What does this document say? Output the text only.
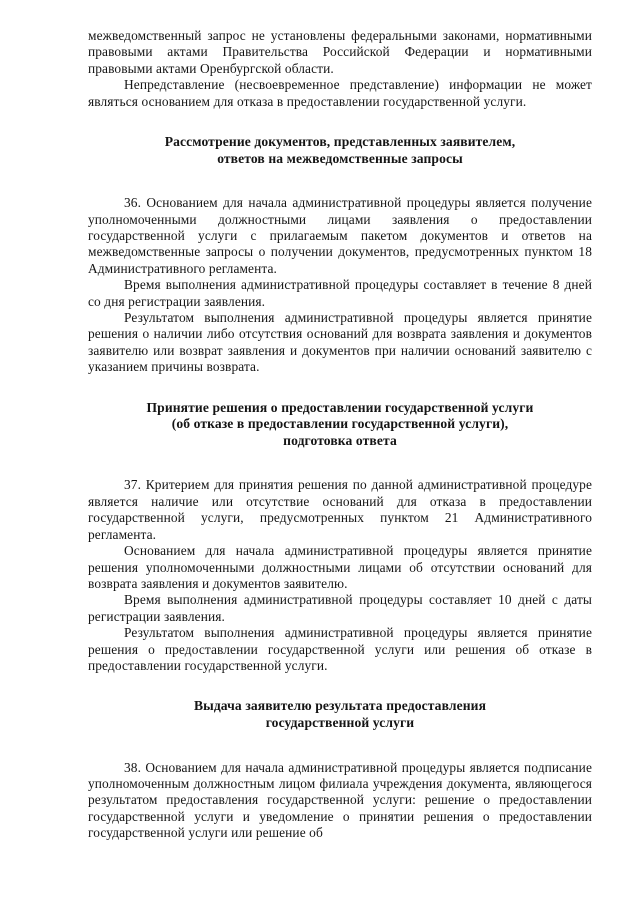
межведомственный запрос не установлены федеральными законами, нормативными правовыми актами Правительства Российской Федерации и нормативными правовыми актами Оренбургской области.

Непредставление (несвоевременное представление) информации не может являться основанием для отказа в предоставлении государственной услуги.

Рассмотрение документов, представленных заявителем,
ответов на межведомственные запросы

36. Основанием для начала административной процедуры является получение уполномоченными должностными лицами заявления о предоставлении государственной услуги с прилагаемым пакетом документов и ответов на межведомственные запросы о получении документов, предусмотренных пунктом 18 Административного регламента.

Время выполнения административной процедуры составляет в течение 8 дней со дня регистрации заявления.

Результатом выполнения административной процедуры является принятие решения о наличии либо отсутствия оснований для возврата заявления и документов заявителю или возврат заявления и документов при наличии оснований заявителю с указанием причины возврата.

Принятие решения о предоставлении государственной услуги
(об отказе в предоставлении государственной услуги),
подготовка ответа

37. Критерием для принятия решения по данной административной процедуре является наличие или отсутствие оснований для отказа в предоставлении государственной услуги, предусмотренных пунктом 21 Административного регламента.

Основанием для начала административной процедуры является принятие решения уполномоченными должностными лицами об отсутствии оснований для возврата заявления и документов заявителю.

Время выполнения административной процедуры составляет 10 дней с даты регистрации заявления.

Результатом выполнения административной процедуры является принятие решения о предоставлении государственной услуги или решения об отказе в предоставлении государственной услуги.

Выдача заявителю результата предоставления
государственной услуги

38. Основанием для начала административной процедуры является подписание уполномоченным должностным лицом филиала учреждения документа, являющегося результатом предоставления государственной услуги: решение о предоставлении государственной услуги и уведомление о принятии решения о предоставлении государственной услуги или решение об
